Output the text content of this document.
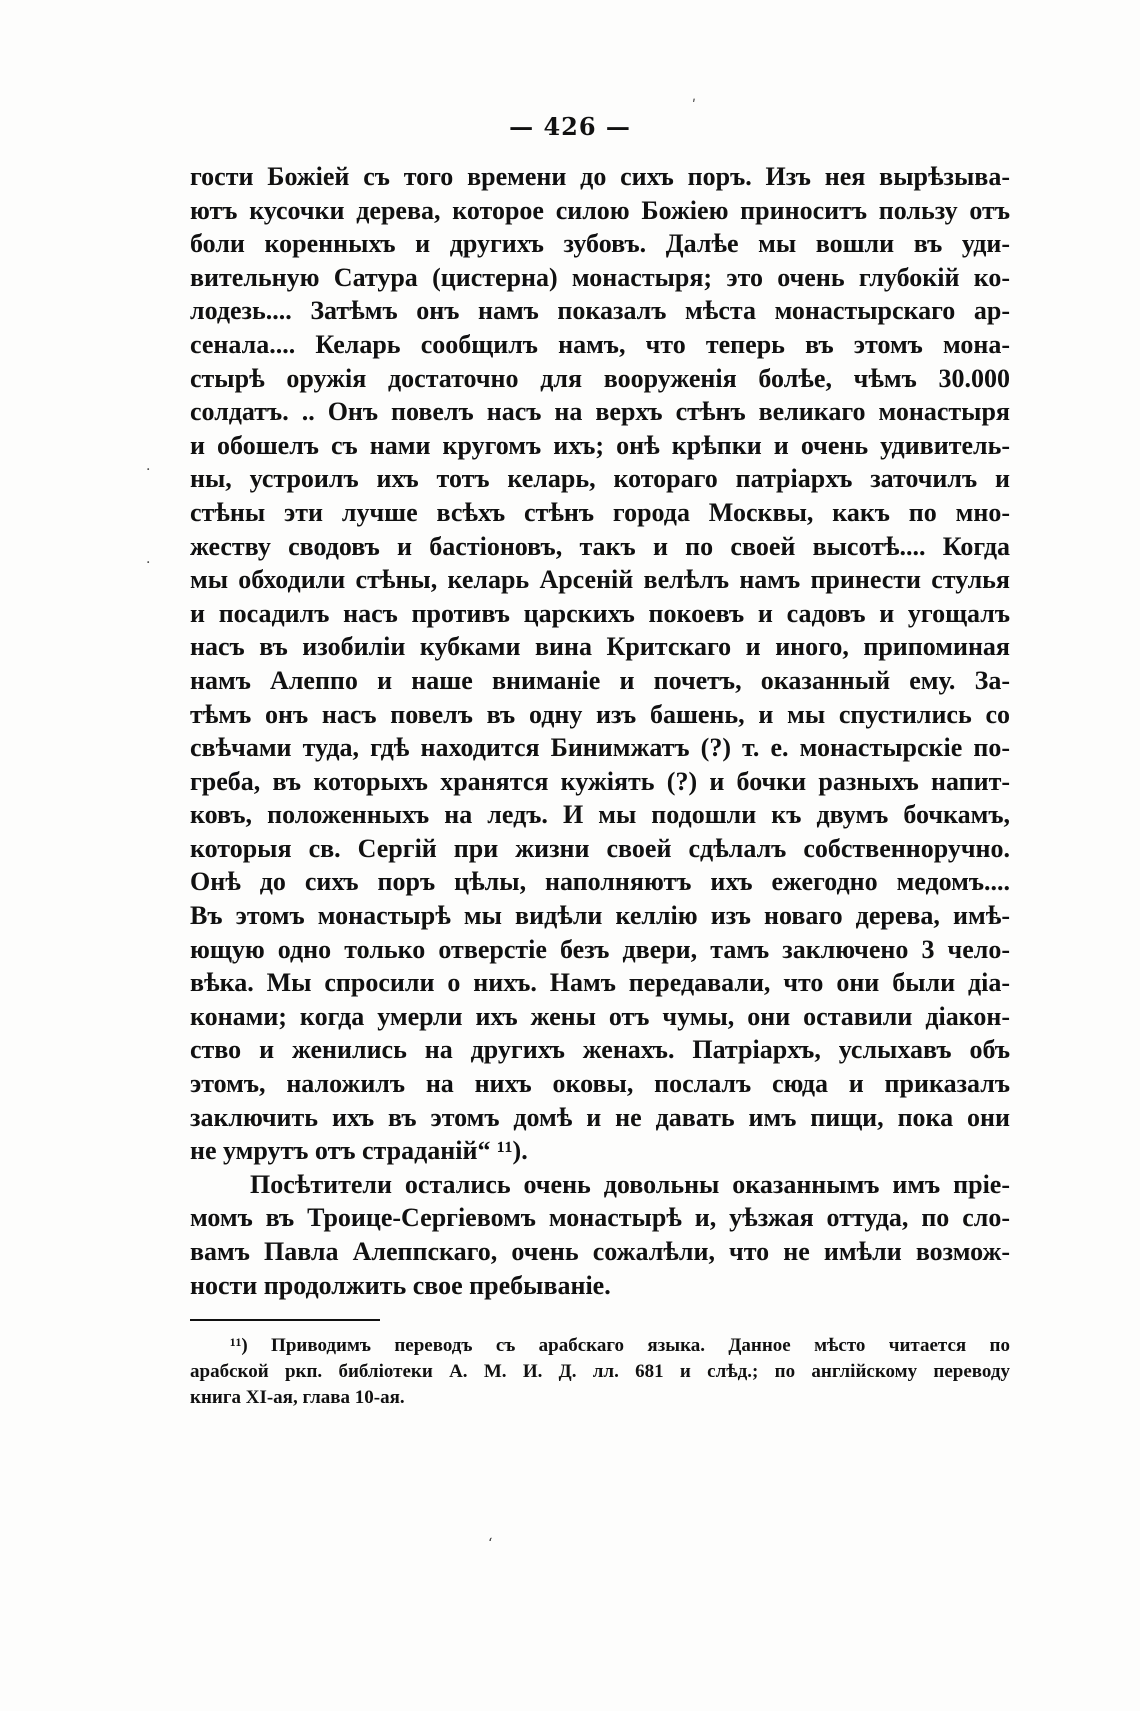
— 426 —
гости Божіей съ того времени до сихъ поръ. Изъ нея вырѣзыва-
ютъ кусочки дерева, которое силою Божіею приноситъ пользу отъ
боли коренныхъ и другихъ зубовъ. Далѣе мы вошли въ уди-
вительную Сатура (цистерна) монастыря; это очень глубокій ко-
лодезь.... Затѣмъ онъ намъ показалъ мѣста монастырскаго ар-
сенала.... Келарь сообщилъ намъ, что теперь въ этомъ мона-
стырѣ оружія достаточно для вооруженія болѣе, чѣмъ 30.000
солдатъ. .. Онъ повелъ насъ на верхъ стѣнъ великаго монастыря
и обошелъ съ нами кругомъ ихъ; онѣ крѣпки и очень удивитель-
ны, устроилъ ихъ тотъ келарь, котораго патріархъ заточилъ и
стѣны эти лучше всѣхъ стѣнъ города Москвы, какъ по мно-
жеству сводовъ и бастіоновъ, такъ и по своей высотѣ.... Когда
мы обходили стѣны, келарь Арсеній велѣлъ намъ принести стулья
и посадилъ насъ противъ царскихъ покоевъ и садовъ и угощалъ
насъ въ изобиліи кубками вина Критскаго и иного, припоминая
намъ Алеппо и наше вниманіе и почетъ, оказанный ему. За-
тѣмъ онъ насъ повелъ въ одну изъ башень, и мы спустились со
свѣчами туда, гдѣ находится Бинимжатъ (?) т. е. монастырскіе по-
греба, въ которыхъ хранятся кужіять (?) и бочки разныхъ напит-
ковъ, положенныхъ на ледъ. И мы подошли къ двумъ бочкамъ,
которыя св. Сергій при жизни своей сдѣлалъ собственноручно.
Онѣ до сихъ поръ цѣлы, наполняютъ ихъ ежегодно медомъ....
Въ этомъ монастырѣ мы видѣли келлію изъ новаго дерева, имѣ-
ющую одно только отверстіе безъ двери, тамъ заключено 3 чело-
вѣка. Мы спросили о нихъ. Намъ передавали, что они были діа-
конами; когда умерли ихъ жены отъ чумы, они оставили діакон-
ство и женились на другихъ женахъ. Патріархъ, услыхавъ объ
этомъ, наложилъ на нихъ оковы, послалъ сюда и приказалъ
заключить ихъ въ этомъ домѣ и не давать имъ пищи, пока они
не умрутъ отъ страданій“ ¹¹).
Посѣтители остались очень довольны оказаннымъ имъ пріе-
момъ въ Троице-Сергіевомъ монастырѣ и, уѣзжая оттуда, по сло-
вамъ Павла Алеппскаго, очень сожалѣли, что не имѣли возмож-
ности продолжить свое пребываніе.
¹¹) Приводимъ переводъ съ арабскаго языка. Данное мѣсто читается по
арабской ркп. библіотеки А. М. И. Д. лл. 681 и слѣд.; по англійскому переводу
книга XI-ая, глава 10-ая.
ʹ
·
·
ʻ
